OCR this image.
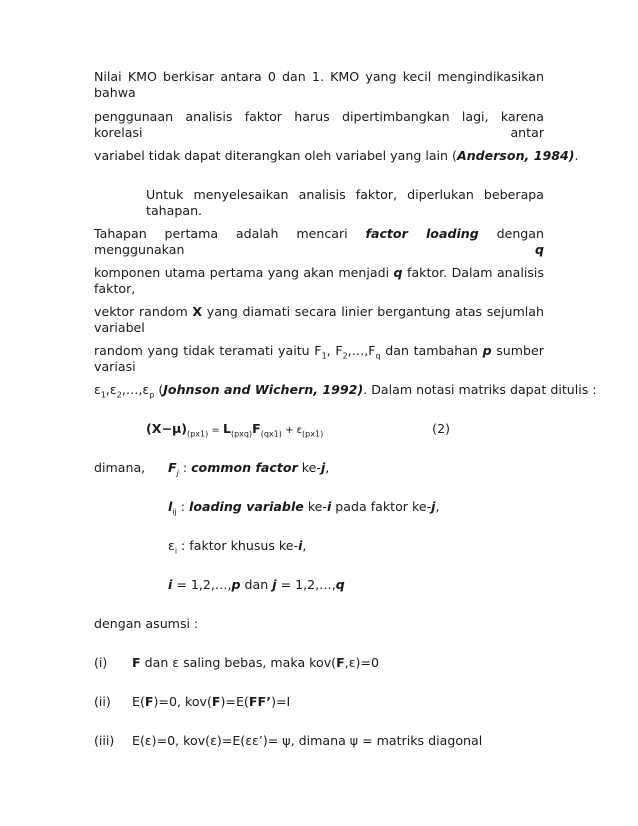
Nilai KMO berkisar antara 0 dan 1. KMO yang kecil mengindikasikan bahwa
penggunaan analisis faktor harus dipertimbangkan lagi, karena korelasi antar
variabel tidak dapat diterangkan oleh variabel yang lain (Anderson, 1984).
Untuk menyelesaikan analisis faktor, diperlukan beberapa tahapan.
Tahapan pertama adalah mencari factor loading dengan menggunakan q
komponen utama pertama yang akan menjadi q faktor. Dalam analisis faktor,
vektor random X yang diamati secara linier bergantung atas sejumlah variabel
random yang tidak teramati yaitu $F_1$, $F_2,\dots,F_q$ dan tambahan p sumber variasi
$\varepsilon_1,\varepsilon_2,\dots,\varepsilon_p$ (Johnson and Wichern, 1992). Dalam notasi matriks dapat ditulis :
$(X-\mu)_{(px1)} = L_{(pxq)}F_{(qx1)} + \varepsilon_{(px1)}$	(2)
dimana, $F_j$ : common factor ke-j,
$l_{ij}$ : loading variable ke-i pada faktor ke-j,
$\varepsilon_i$ : faktor khusus ke-i,
i = 1,2,…,p dan j = 1,2,…,q
dengan asumsi :
(i) F dan ε saling bebas, maka kov(F,ε)=0
(ii) E(F)=0, kov(F)=E(FF’)=I
(iii) E(ε)=0, kov(ε)=E(εε’)= ψ, dimana ψ = matriks diagonal
